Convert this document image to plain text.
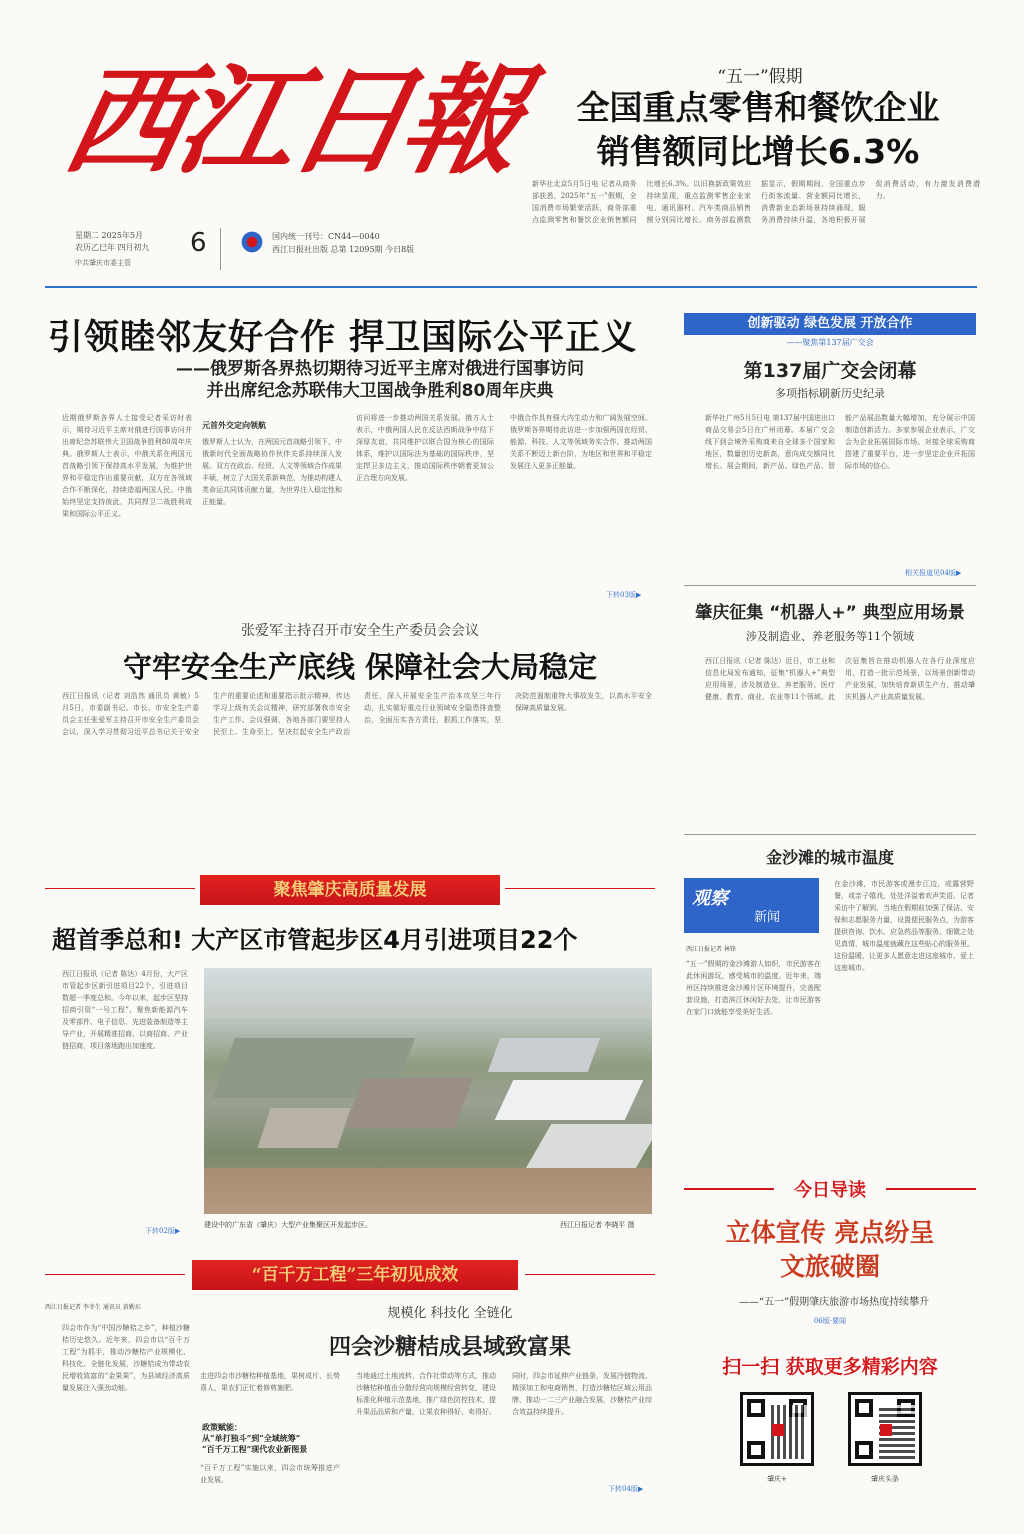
西江日報	“五一”假期
全国重点零售和餐饮企业
销售额同比增长6.3%
新华社北京5月5日电 记者从商务部获悉，2025年“五一”假期，全国消费市场繁荣活跃，商务部重点监测零售和餐饮企业销售额同比增长6.3%。以旧换新政策效应持续显现，重点监测零售企业家电、通讯器材、汽车类商品销售额分别同比增长。商务部监测数据显示，假期期间，全国重点步行街客流量、营业额同比增长，消费新业态新场景持续涌现，服务消费持续升温，各地积极开展促消费活动，有力激发消费潜力。
星期二 2025年5月
农历乙巳年 四月初九 6
中共肇庆市委主管
国内统一刊号：CN44—0040
西江日报社出版 总第 12095期 今日8版
引领睦邻友好合作 捍卫国际公平正义
——俄罗斯各界热切期待习近平主席对俄进行国事访问
并出席纪念苏联伟大卫国战争胜利80周年庆典
近期俄罗斯各界人士接受记者采访时表示，期待习近平主席对俄进行国事访问并出席纪念苏联伟大卫国战争胜利80周年庆典。俄罗斯人士表示，中俄关系在两国元首战略引领下保持高水平发展，为维护世界和平稳定作出重要贡献，双方在各领域合作不断深化，持续造福两国人民。中俄始终坚定支持彼此，共同捍卫二战胜利成果和国际公平正义。
元首外交定向领航
俄罗斯人士认为，在两国元首战略引领下，中俄新时代全面战略协作伙伴关系持续深入发展。双方在政治、经贸、人文等领域合作成果丰硕，树立了大国关系新典范，为推动构建人类命运共同体贡献力量，为世界注入稳定性和正能量。
访问将进一步推动两国关系发展。俄方人士表示，中俄两国人民在反法西斯战争中结下深厚友谊，共同维护以联合国为核心的国际体系，维护以国际法为基础的国际秩序，坚定捍卫多边主义，推动国际秩序朝着更加公正合理方向发展。
中俄合作具有强大内生动力和广阔发展空间。俄罗斯各界期待此访进一步加强两国在经贸、能源、科技、人文等领域务实合作，推动两国关系不断迈上新台阶，为地区和世界和平稳定发展注入更多正能量。
下转03版▶
创新驱动 绿色发展 开放合作
——聚焦第137届广交会
第137届广交会闭幕
多项指标刷新历史纪录
新华社广州5月5日电 第137届中国进出口商品交易会5日在广州闭幕。本届广交会线下到会境外采购商来自全球多个国家和地区，数量创历史新高，意向成交额同比增长。展会期间，新产品、绿色产品、智能产品展品数量大幅增加，充分展示中国制造创新活力。多家参展企业表示，广交会为企业拓展国际市场、对接全球采购商搭建了重要平台，进一步坚定企业开拓国际市场的信心。
相关报道见04版▶
肇庆征集 “机器人+” 典型应用场景
涉及制造业、养老服务等11个领域
西江日报讯（记者 陈达）近日，市工业和信息化局发布通知，征集“机器人+”典型应用场景，涉及制造业、养老服务、医疗健康、教育、商业、农业等11个领域。此次征集旨在推动机器人在各行业深度应用，打造一批示范场景，以场景创新带动产业发展，加快培育新质生产力，推动肇庆机器人产业高质量发展。
张爱军主持召开市安全生产委员会会议
守牢安全生产底线 保障社会大局稳定
西江日报讯（记者 刘浩然 通讯员 黄敏）5月5日，市委副书记、市长、市安全生产委员会主任张爱军主持召开市安全生产委员会会议，深入学习贯彻习近平总书记关于安全生产的重要论述和重要指示批示精神，传达学习上级有关会议精神，研究部署我市安全生产工作。会议强调，各地各部门要坚持人民至上、生命至上，坚决扛起安全生产政治责任，深入开展安全生产治本攻坚三年行动，扎实做好重点行业领域安全隐患排查整治，全面压实各方责任，狠抓工作落实，坚决防范遏制重特大事故发生，以高水平安全保障高质量发展。
金沙滩的城市温度
观察
新闻
西江日报记者 林锋
“五一”假期的金沙滩游人如织，市民游客在此休闲游玩，感受城市的温度。近年来，端州区持续推进金沙滩片区环境提升，完善配套设施，打造滨江休闲好去处，让市民游客在家门口就能享受美好生活。
在金沙滩，市民游客或漫步江边，或露营野餐，或亲子嬉戏，处处洋溢着欢声笑语。记者采访中了解到，当地在假期前加强了保洁、安保和志愿服务力量，设置便民服务点，为游客提供咨询、饮水、应急药品等服务。细微之处见真情，城市温度就藏在这些贴心的服务里。这份温暖，让更多人愿意走进这座城市、爱上这座城市。
聚焦肇庆高质量发展
超首季总和! 大产区市管起步区4月引进项目22个
西江日报讯（记者 陈达）4月份，大产区市管起步区新引进项目22个，引进项目数超一季度总和。今年以来，起步区坚持招商引资“一号工程”，聚焦新能源汽车及零部件、电子信息、先进装备制造等主导产业，开展精准招商、以商招商、产业链招商，项目落地跑出加速度。
下转02版▶
建设中的广东省（肇庆）大型产业集聚区开发起步区。	西江日报记者 李晓平 摄
“百千万工程”三年初见成效
规模化 科技化 全链化
四会沙糖桔成县域致富果
西江日报记者 李冬生 通讯员 黄勤东
四会市作为“中国沙糖桔之乡”，种植沙糖桔历史悠久。近年来，四会市以“百千万工程”为抓手，推动沙糖桔产业规模化、科技化、全链化发展，沙糖桔成为带动农民增收致富的“金果果”，为县域经济高质量发展注入强劲动能。
走进四会市沙糖桔种植基地，果树成片、长势喜人，果农们正忙着修剪施肥。
政策赋能：
从“单打独斗”到“全域统筹”
“百千万工程”现代农业新图景
“百千万工程”实施以来，四会市统筹推进产业发展。
当地通过土地流转、合作社带动等方式，推动沙糖桔种植由分散经营向规模经营转变，建设标准化种植示范基地，推广绿色防控技术，提升果品品质和产量，让果农种得好、卖得好。
同时，四会市延伸产业链条，发展冷链物流、精深加工和电商销售，打造沙糖桔区域公用品牌，推动一二三产业融合发展，沙糖桔产业综合效益持续提升。
下转04版▶
今日导读
立体宣传 亮点纷呈
文旅破圈
——“五一”假期肇庆旅游市场热度持续攀升
06版·要闻
扫一扫 获取更多精彩内容
肇庆+	肇庆头条
